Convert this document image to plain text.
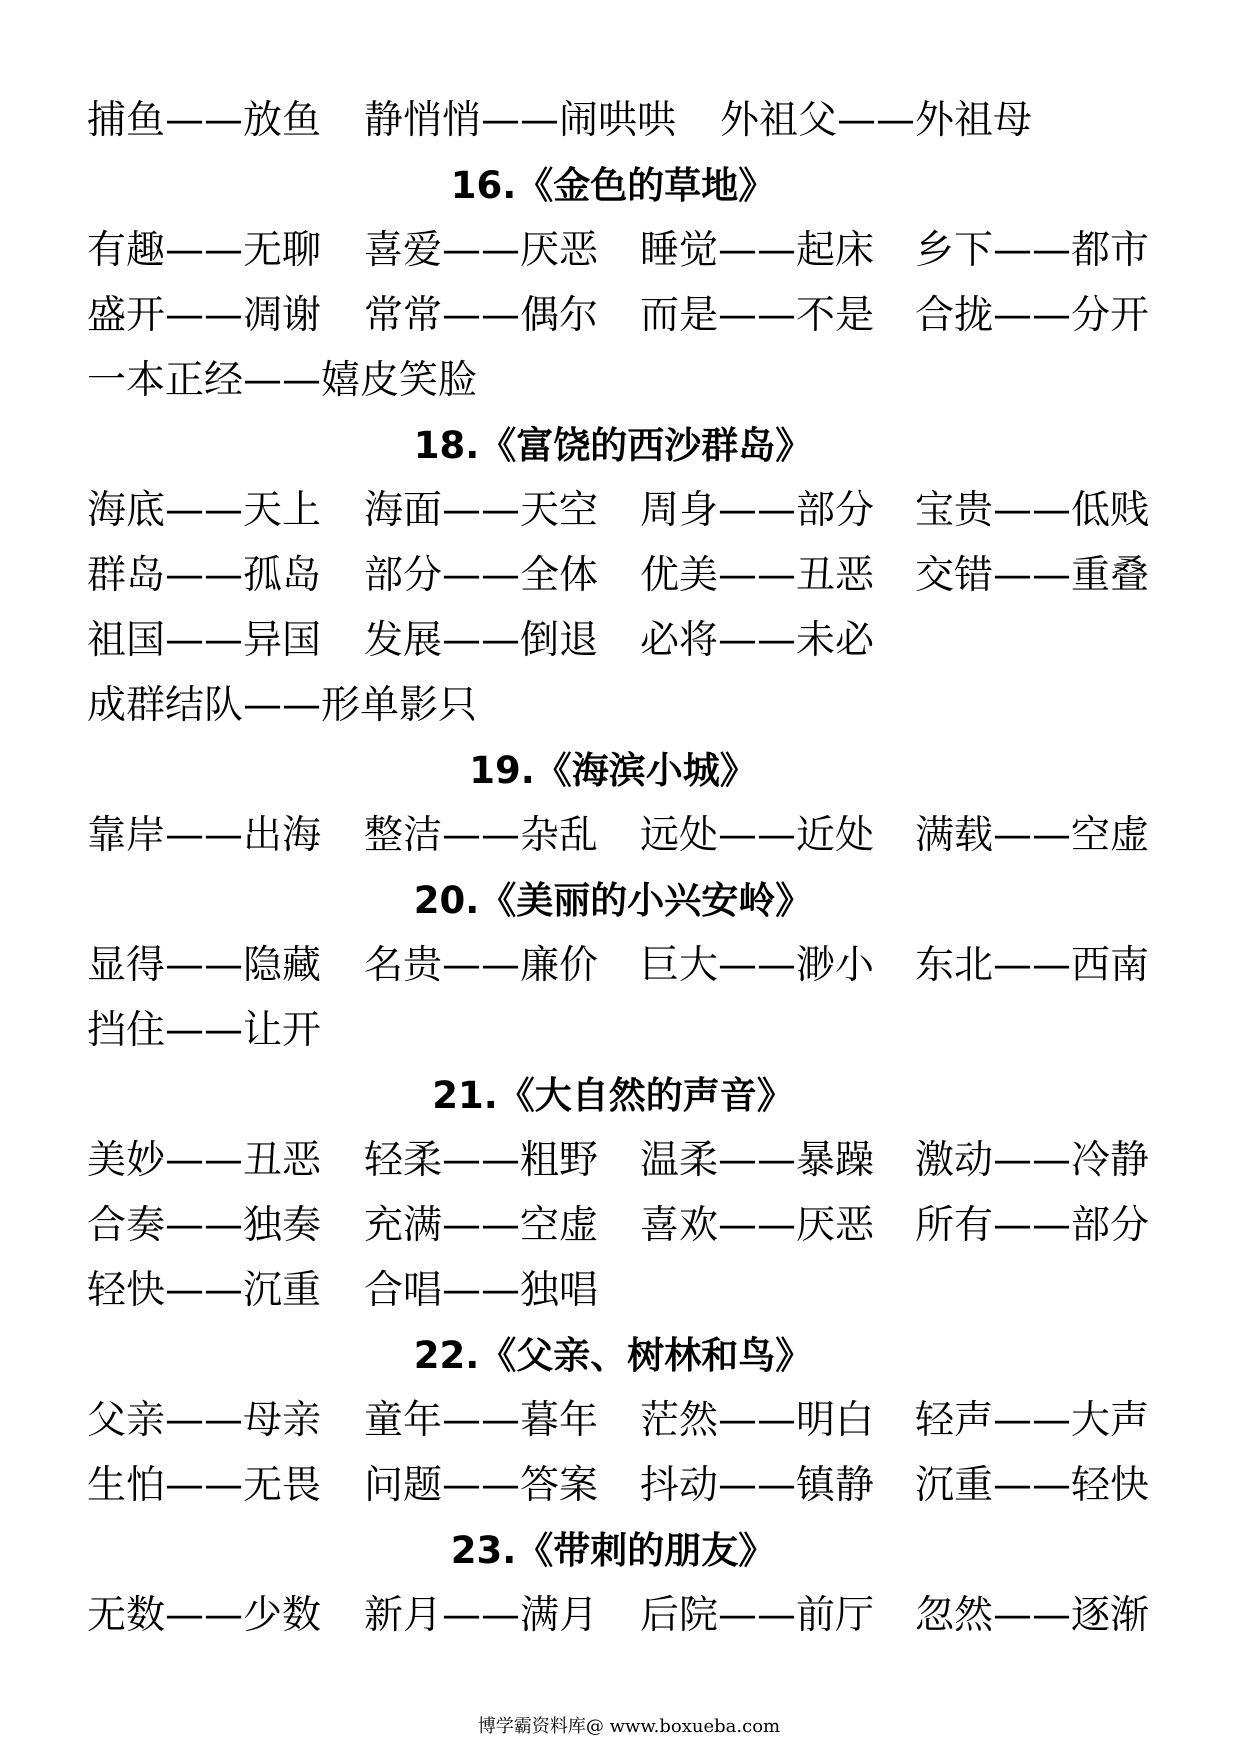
捕鱼——放鱼 静悄悄——闹哄哄 外祖父——外祖母
16.《金色的草地》
有趣——无聊 喜爱——厌恶 睡觉——起床 乡下——都市
盛开——凋谢 常常——偶尔 而是——不是 合拢——分开
一本正经——嬉皮笑脸
18.《富饶的西沙群岛》
海底——天上 海面——天空 周身——部分 宝贵——低贱
群岛——孤岛 部分——全体 优美——丑恶 交错——重叠
祖国——异国 发展——倒退 必将——未必
成群结队——形单影只
19.《海滨小城》
靠岸——出海 整洁——杂乱 远处——近处 满载——空虚
20.《美丽的小兴安岭》
显得——隐藏 名贵——廉价 巨大——渺小 东北——西南
挡住——让开
21.《大自然的声音》
美妙——丑恶 轻柔——粗野 温柔——暴躁 激动——冷静
合奏——独奏 充满——空虚 喜欢——厌恶 所有——部分
轻快——沉重 合唱——独唱
22.《父亲、树林和鸟》
父亲——母亲 童年——暮年 茫然——明白 轻声——大声
生怕——无畏 问题——答案 抖动——镇静 沉重——轻快
23.《带刺的朋友》
无数——少数 新月——满月 后院——前厅 忽然——逐渐
博学霸资料库@ www.boxueba.com
